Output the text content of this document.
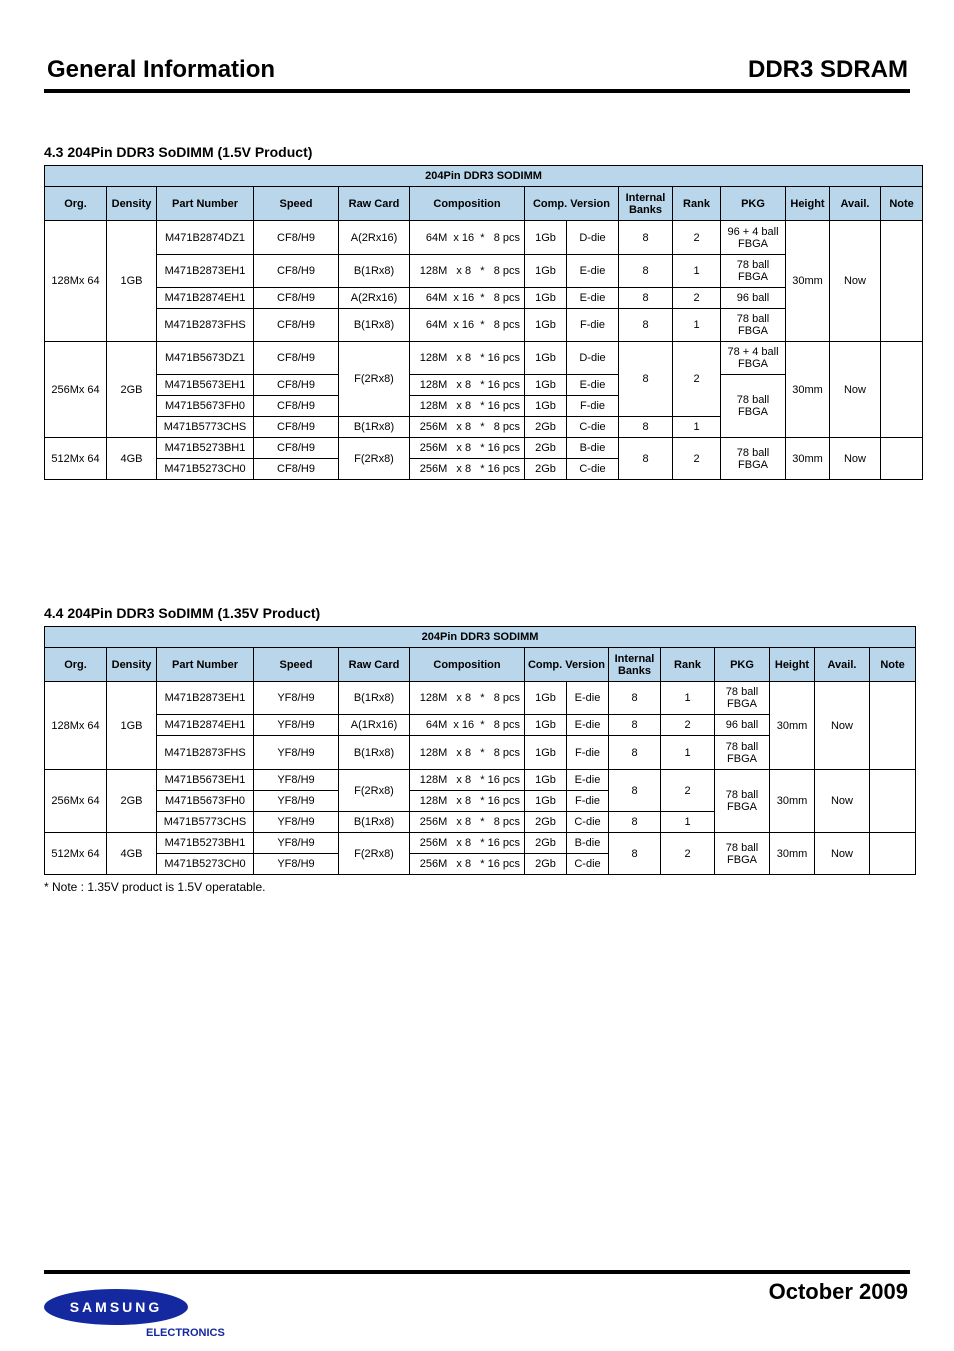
General Information	DDR3 SDRAM
4.3 204Pin DDR3 SoDIMM (1.5V Product)
204Pin DDR3 SODIMM													
Org.	Density	Part Number	Speed	Raw Card	Composition	Comp. Version		Internal Banks	Rank	PKG	Height	Avail.	Note
128Mx 64	1GB	M471B2874DZ1	CF8/H9	A(2Rx16)	64M  x 16  *   8 pcs	1Gb	D-die	8	2	96 + 4 ball FBGA	30mm	Now	
		M471B2873EH1	CF8/H9	B(1Rx8)	128M   x 8   *   8 pcs	1Gb	E-die	8	1	78 ball FBGA			
		M471B2874EH1	CF8/H9	A(2Rx16)	64M  x 16  *   8 pcs	1Gb	E-die	8	2	96 ball			
		M471B2873FHS	CF8/H9	B(1Rx8)	64M  x 16  *   8 pcs	1Gb	F-die	8	1	78 ball FBGA			
256Mx 64	2GB	M471B5673DZ1	CF8/H9	F(2Rx8)	128M   x 8   * 16 pcs	1Gb	D-die	8	2	78 + 4 ball FBGA	30mm	Now	
		M471B5673EH1	CF8/H9		128M   x 8   * 16 pcs	1Gb	E-die			78 ball FBGA			
		M471B5673FH0	CF8/H9		128M   x 8   * 16 pcs	1Gb	F-die						
		M471B5773CHS	CF8/H9	B(1Rx8)	256M   x 8   *   8 pcs	2Gb	C-die	8	1				
512Mx 64	4GB	M471B5273BH1	CF8/H9	F(2Rx8)	256M   x 8   * 16 pcs	2Gb	B-die	8	2	78 ball FBGA	30mm	Now	
		M471B5273CH0	CF8/H9		256M   x 8   * 16 pcs	2Gb	C-die						
4.4 204Pin DDR3 SoDIMM (1.35V Product)
204Pin DDR3 SODIMM													
Org.	Density	Part Number	Speed	Raw Card	Composition	Comp. Version		Internal Banks	Rank	PKG	Height	Avail.	Note
128Mx 64	1GB	M471B2873EH1	YF8/H9	B(1Rx8)	128M   x 8   *   8 pcs	1Gb	E-die	8	1	78 ball FBGA	30mm	Now	
		M471B2874EH1	YF8/H9	A(1Rx16)	64M  x 16  *   8 pcs	1Gb	E-die	8	2	96 ball			
		M471B2873FHS	YF8/H9	B(1Rx8)	128M   x 8   *   8 pcs	1Gb	F-die	8	1	78 ball FBGA			
256Mx 64	2GB	M471B5673EH1	YF8/H9	F(2Rx8)	128M   x 8   * 16 pcs	1Gb	E-die	8	2	78 ball FBGA	30mm	Now	
		M471B5673FH0	YF8/H9		128M   x 8   * 16 pcs	1Gb	F-die						
		M471B5773CHS	YF8/H9	B(1Rx8)	256M   x 8   *   8 pcs	2Gb	C-die	8	1				
512Mx 64	4GB	M471B5273BH1	YF8/H9	F(2Rx8)	256M   x 8   * 16 pcs	2Gb	B-die	8	2	78 ball FBGA	30mm	Now	
		M471B5273CH0	YF8/H9		256M   x 8   * 16 pcs	2Gb	C-die						
* Note : 1.35V product is 1.5V operatable.
October 2009
SAMSUNG
ELECTRONICS
